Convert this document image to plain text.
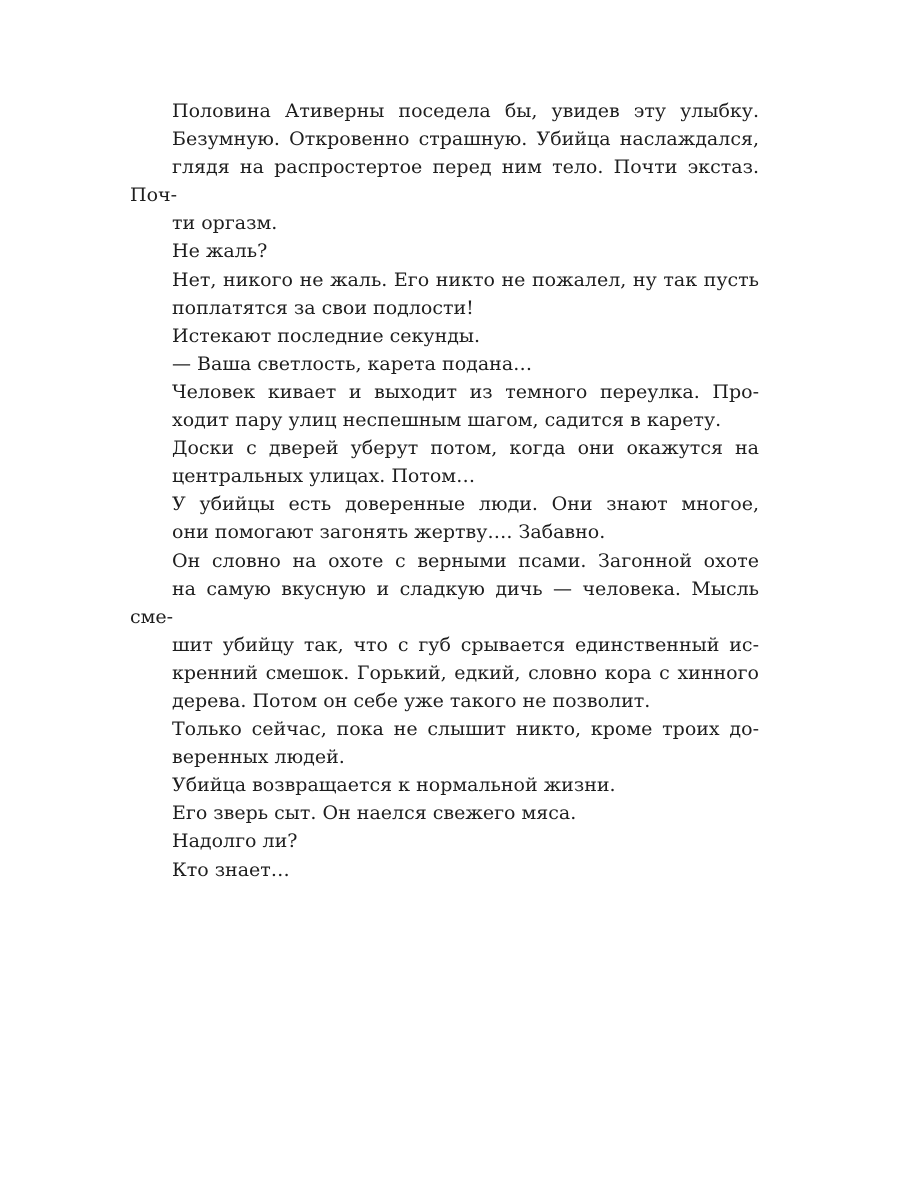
Половина Ативерны поседела бы, увидев эту улыбку.
Безумную. Откровенно страшную. Убийца наслаждался,
глядя на распростертое перед ним тело. Почти экстаз. Поч-
ти оргазм.

Не жаль?

Нет, никого не жаль. Его никто не пожалел, ну так пусть
поплатятся за свои подлости!

Истекают последние секунды.

— Ваша светлость, карета подана…

Человек кивает и выходит из темного переулка. Про-
ходит пару улиц неспешным шагом, садится в карету.

Доски с дверей уберут потом, когда они окажутся на
центральных улицах. Потом…

У убийцы есть доверенные люди. Они знают многое,
они помогают загонять жертву…. Забавно.

Он словно на охоте с верными псами. Загонной охоте
на самую вкусную и сладкую дичь — человека. Мысль сме-
шит убийцу так, что с губ срывается единственный ис-
кренний смешок. Горький, едкий, словно кора с хинного
дерева. Потом он себе уже такого не позволит.

Только сейчас, пока не слышит никто, кроме троих до-
веренных людей.

Убийца возвращается к нормальной жизни.

Его зверь сыт. Он наелся свежего мяса.

Надолго ли?

Кто знает…
